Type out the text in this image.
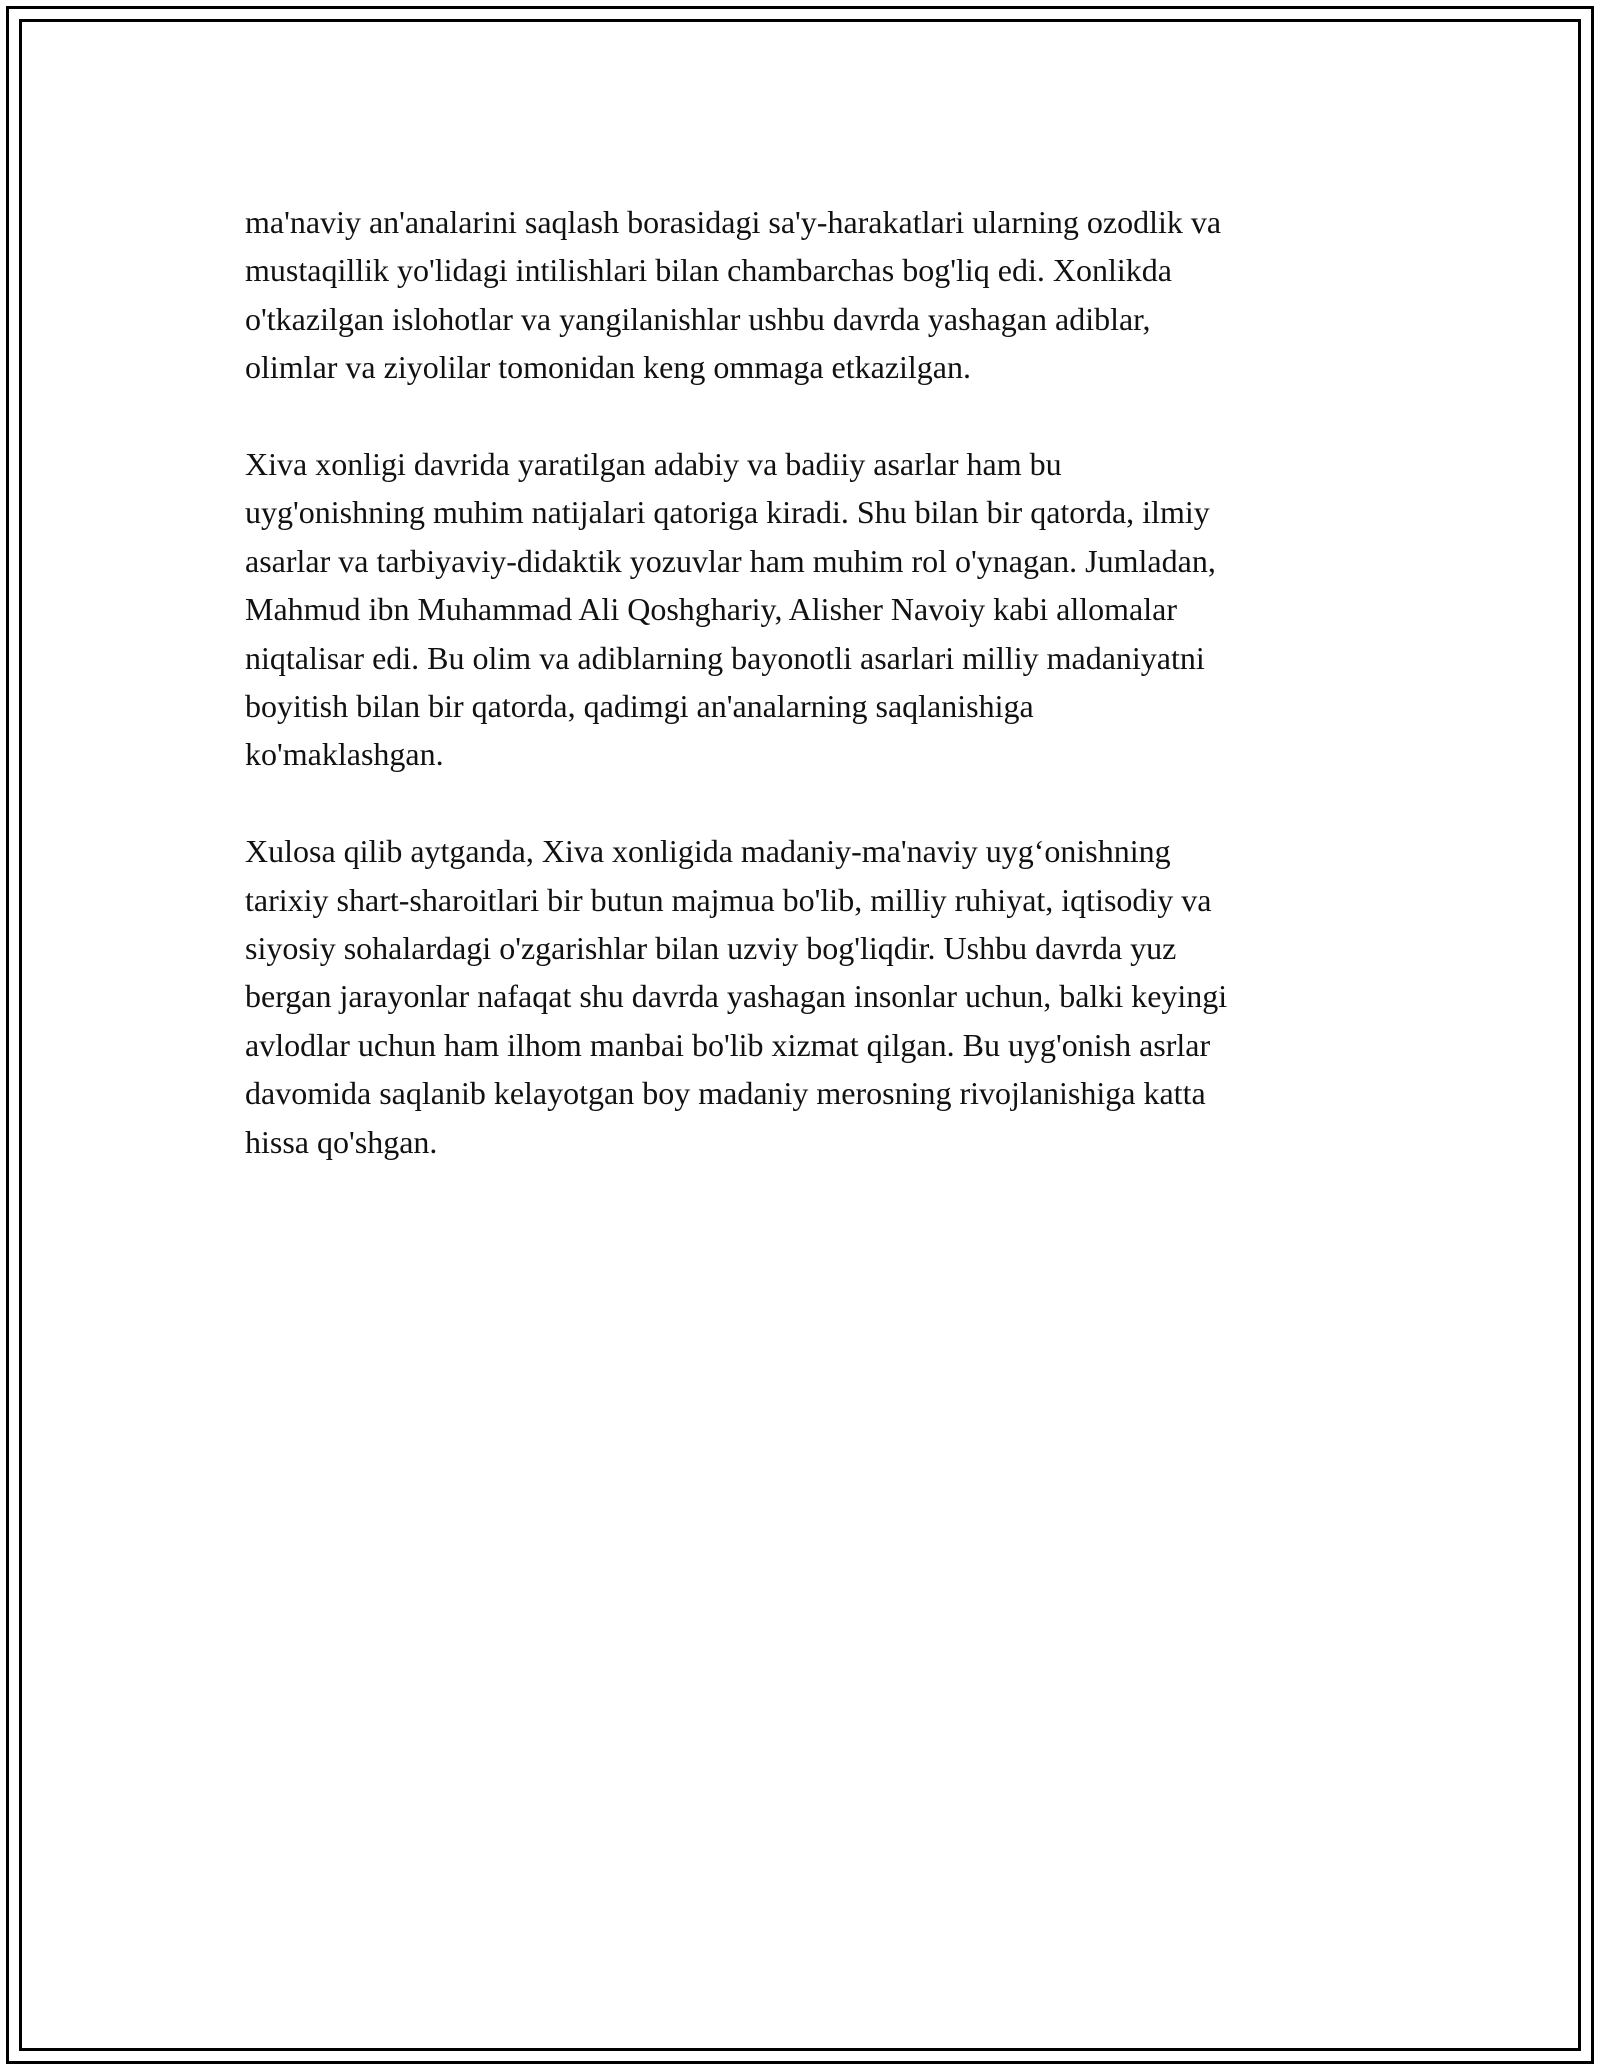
ma'naviy an'analarini saqlash borasidagi sa'y-harakatlari ularning ozodlik va
mustaqillik yo'lidagi intilishlari bilan chambarchas bog'liq edi. Xonlikda
o'tkazilgan islohotlar va yangilanishlar ushbu davrda yashagan adiblar,
olimlar va ziyolilar tomonidan keng ommaga etkazilgan.

Xiva xonligi davrida yaratilgan adabiy va badiiy asarlar ham bu
uyg'onishning muhim natijalari qatoriga kiradi. Shu bilan bir qatorda, ilmiy
asarlar va tarbiyaviy-didaktik yozuvlar ham muhim rol o'ynagan. Jumladan,
Mahmud ibn Muhammad Ali Qoshghariy, Alisher Navoiy kabi allomalar
niqtalisar edi. Bu olim va adiblarning bayonotli asarlari milliy madaniyatni
boyitish bilan bir qatorda, qadimgi an'analarning saqlanishiga
ko'maklashgan.

Xulosa qilib aytganda, Xiva xonligida madaniy-ma'naviy uyg‘onishning
tarixiy shart-sharoitlari bir butun majmua bo'lib, milliy ruhiyat, iqtisodiy va
siyosiy sohalardagi o'zgarishlar bilan uzviy bog'liqdir. Ushbu davrda yuz
bergan jarayonlar nafaqat shu davrda yashagan insonlar uchun, balki keyingi
avlodlar uchun ham ilhom manbai bo'lib xizmat qilgan. Bu uyg'onish asrlar
davomida saqlanib kelayotgan boy madaniy merosning rivojlanishiga katta
hissa qo'shgan.
